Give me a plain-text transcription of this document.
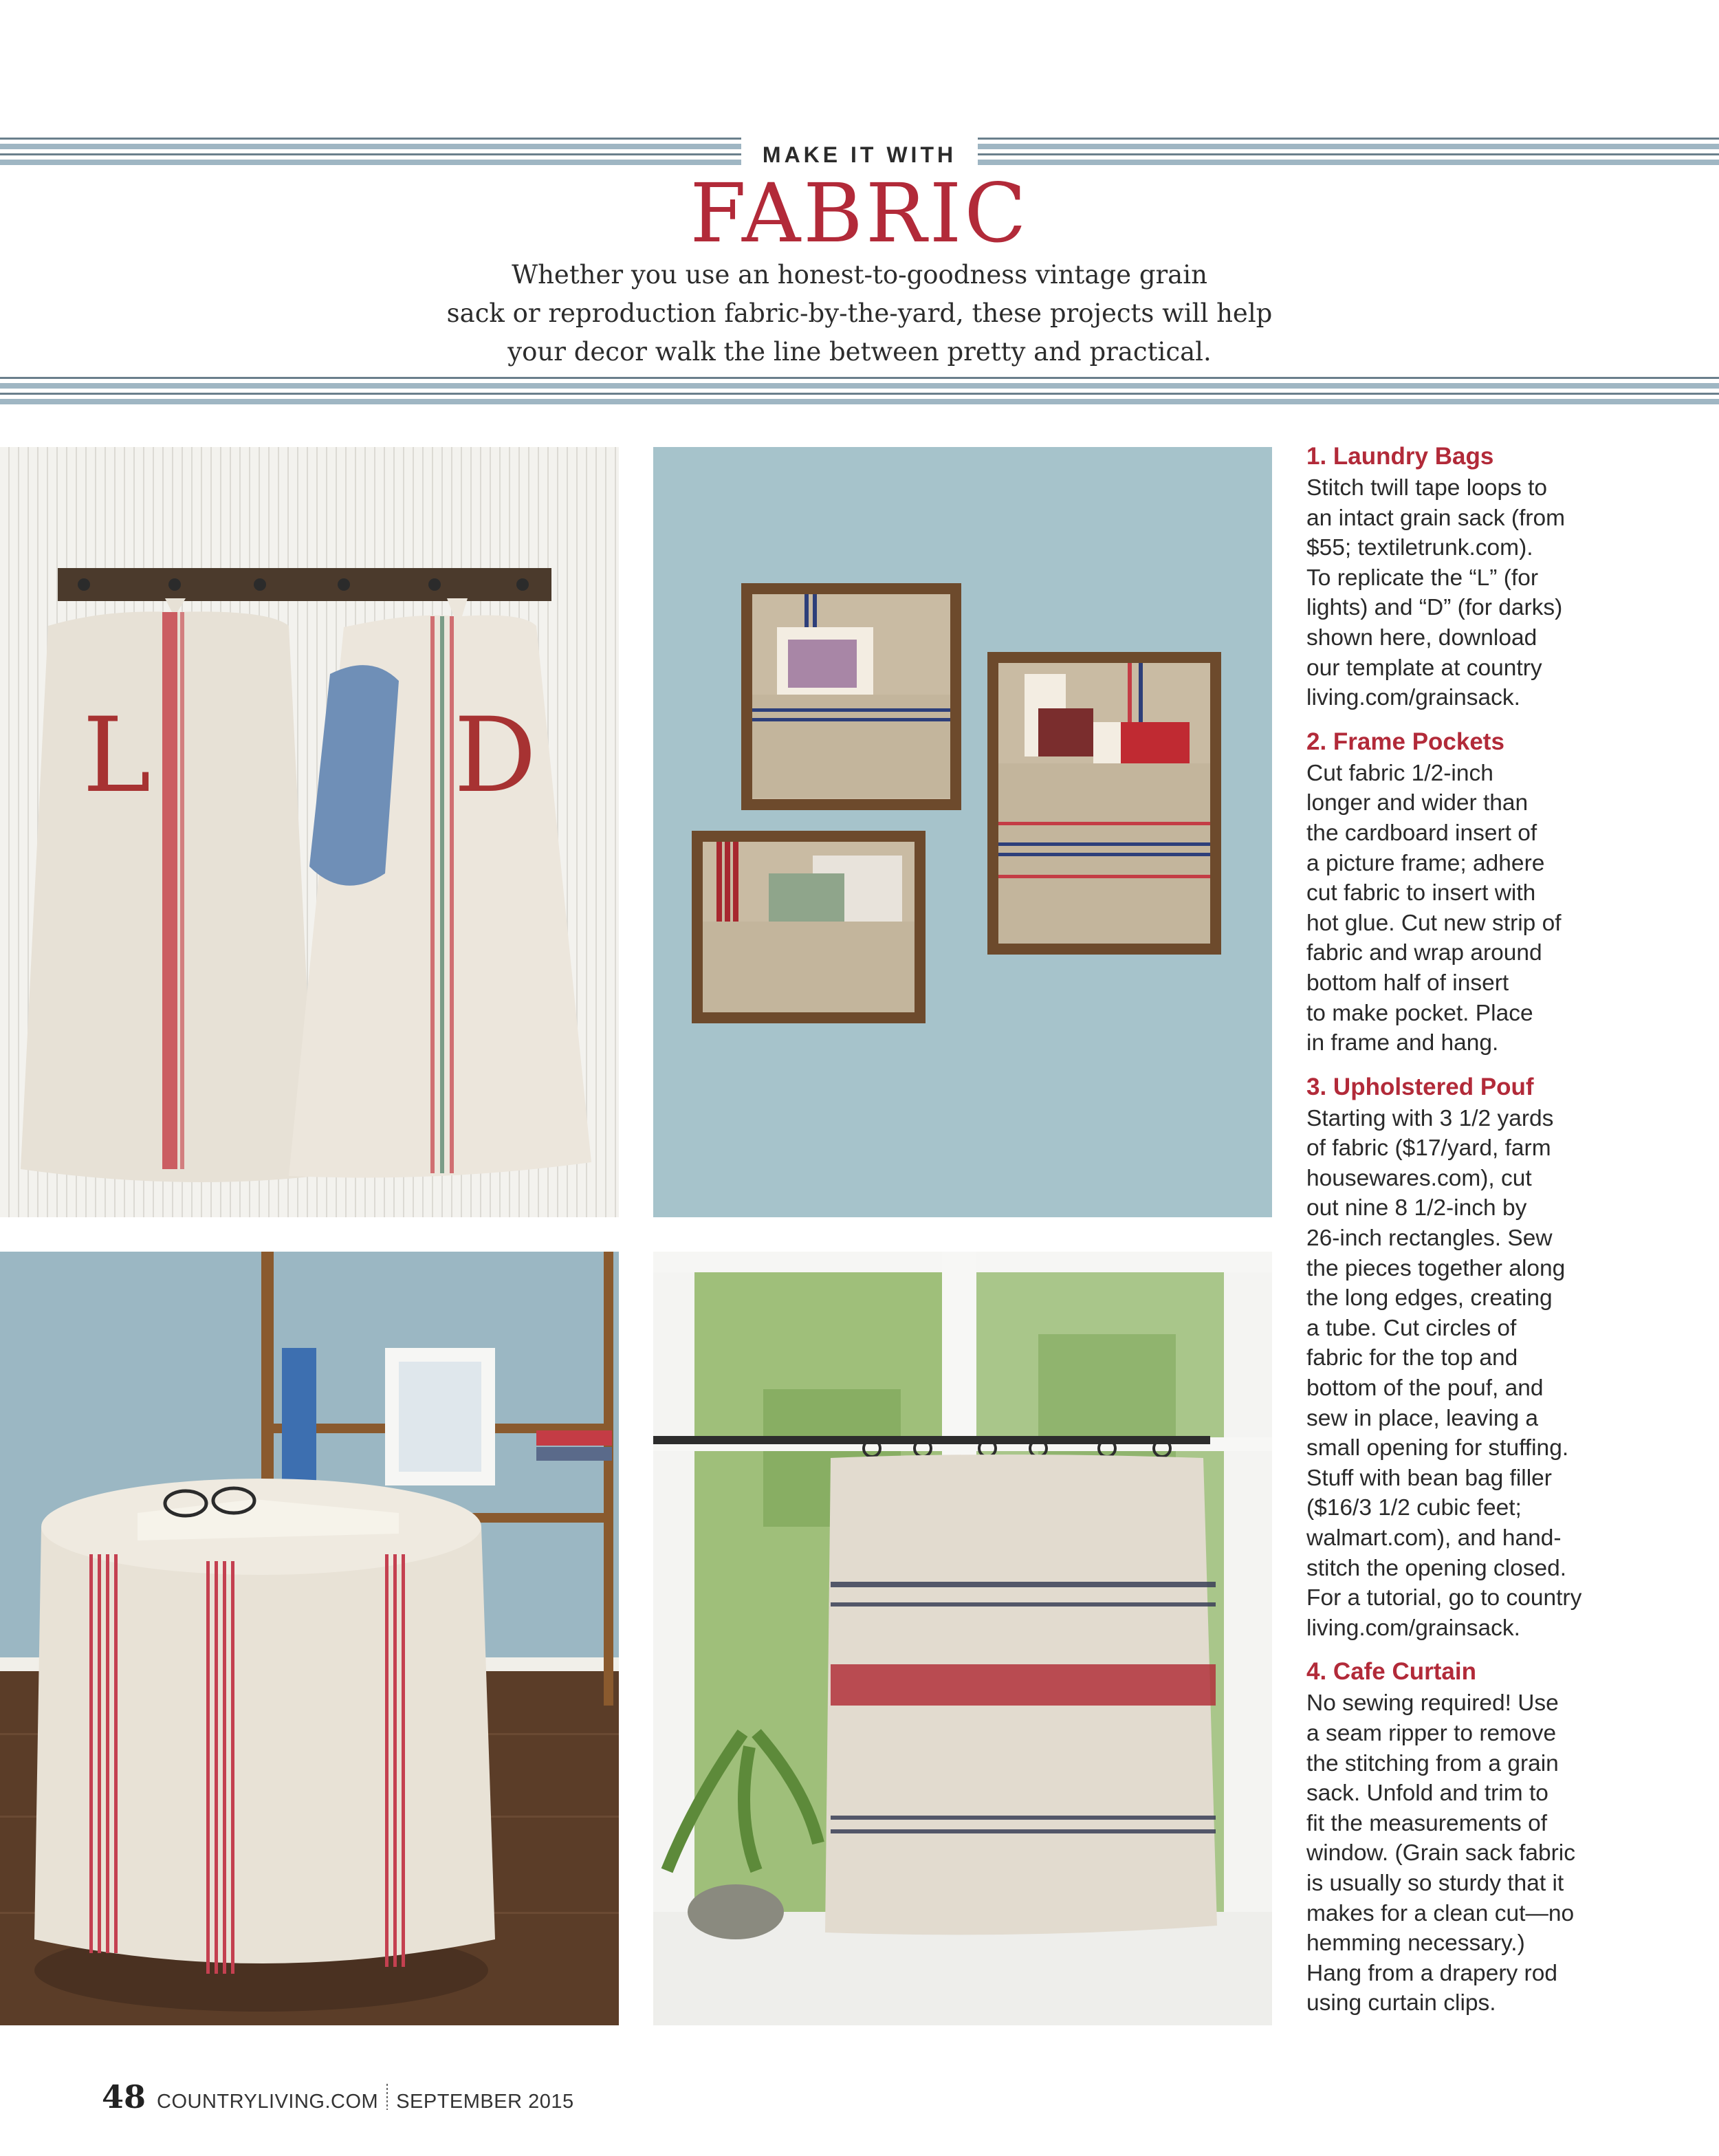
MAKE IT WITH
FABRIC
Whether you use an honest-to-goodness vintage grain
sack or reproduction fabric-by-the-yard, these projects will help
your decor walk the line between pretty and practical.
L	D
1. Laundry Bags
Stitch twill tape loops to
an intact grain sack (from
$55; textiletrunk.com).
To replicate the “L” (for
lights) and “D” (for darks)
shown here, download
our template at country
living.com/grainsack.
2. Frame Pockets
Cut fabric 1/2-inch
longer and wider than
the cardboard insert of
a picture frame; adhere
cut fabric to insert with
hot glue. Cut new strip of
fabric and wrap around
bottom half of insert
to make pocket. Place
in frame and hang.
3. Upholstered Pouf
Starting with 3 1/2 yards
of fabric ($17/yard, farm
housewares.com), cut
out nine 8 1/2-inch by
26-inch rectangles. Sew
the pieces together along
the long edges, creating
a tube. Cut circles of
fabric for the top and
bottom of the pouf, and
sew in place, leaving a
small opening for stuffing.
Stuff with bean bag filler
($16/3 1/2 cubic feet;
walmart.com), and hand-
stitch the opening closed.
For a tutorial, go to country
living.com/grainsack.
4. Cafe Curtain
No sewing required! Use
a seam ripper to remove
the stitching from a grain
sack. Unfold and trim to
fit the measurements of
window. (Grain sack fabric
is usually so sturdy that it
makes for a clean cut—no
hemming necessary.)
Hang from a drapery rod
using curtain clips.
48 COUNTRYLIVING.COM SEPTEMBER 2015
